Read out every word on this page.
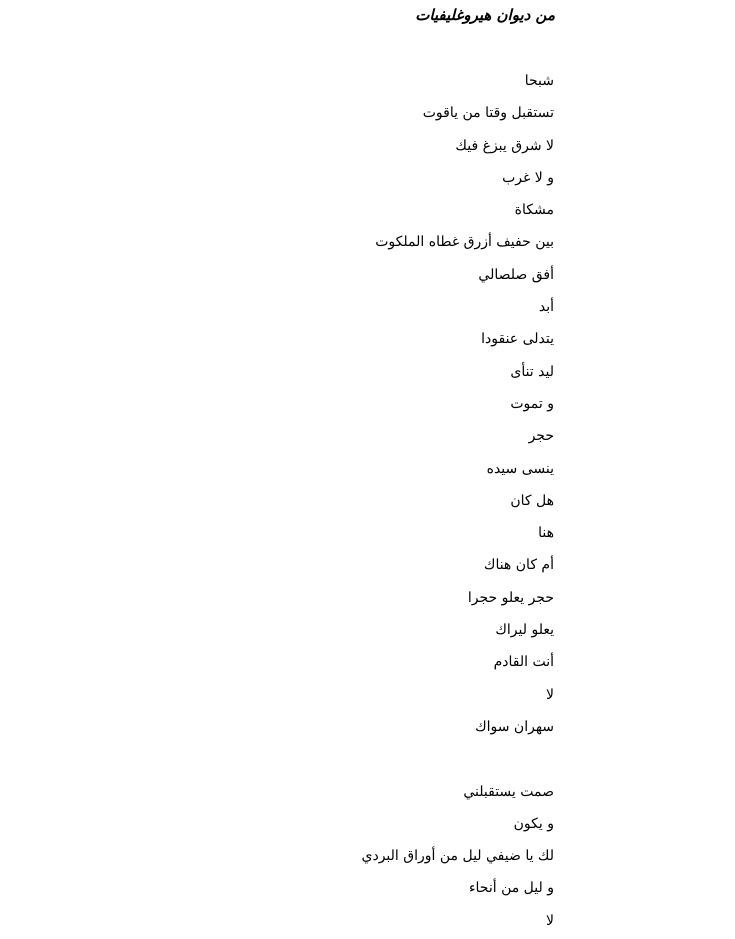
من ديوان هيروغليفيات
شبحا
تستقبل وقتا من ياقوت
لا شرق يبزغ فيك
و لا غرب
مشكاة
بين حفيف أزرق غطاه الملكوت
أفق صلصالي
أبد
يتدلى عنقودا
ليد تنأى
و تموت
حجر
ينسى سيده
هل كان
هنا
أم كان هناك
حجر يعلو حجرا
يعلو ليراك
أنت القادم
لا
سهران سواك
صمت يستقبلني
و يكون
لك يا ضيفي ليل من أوراق البردي
و ليل من أنحاء
لا
